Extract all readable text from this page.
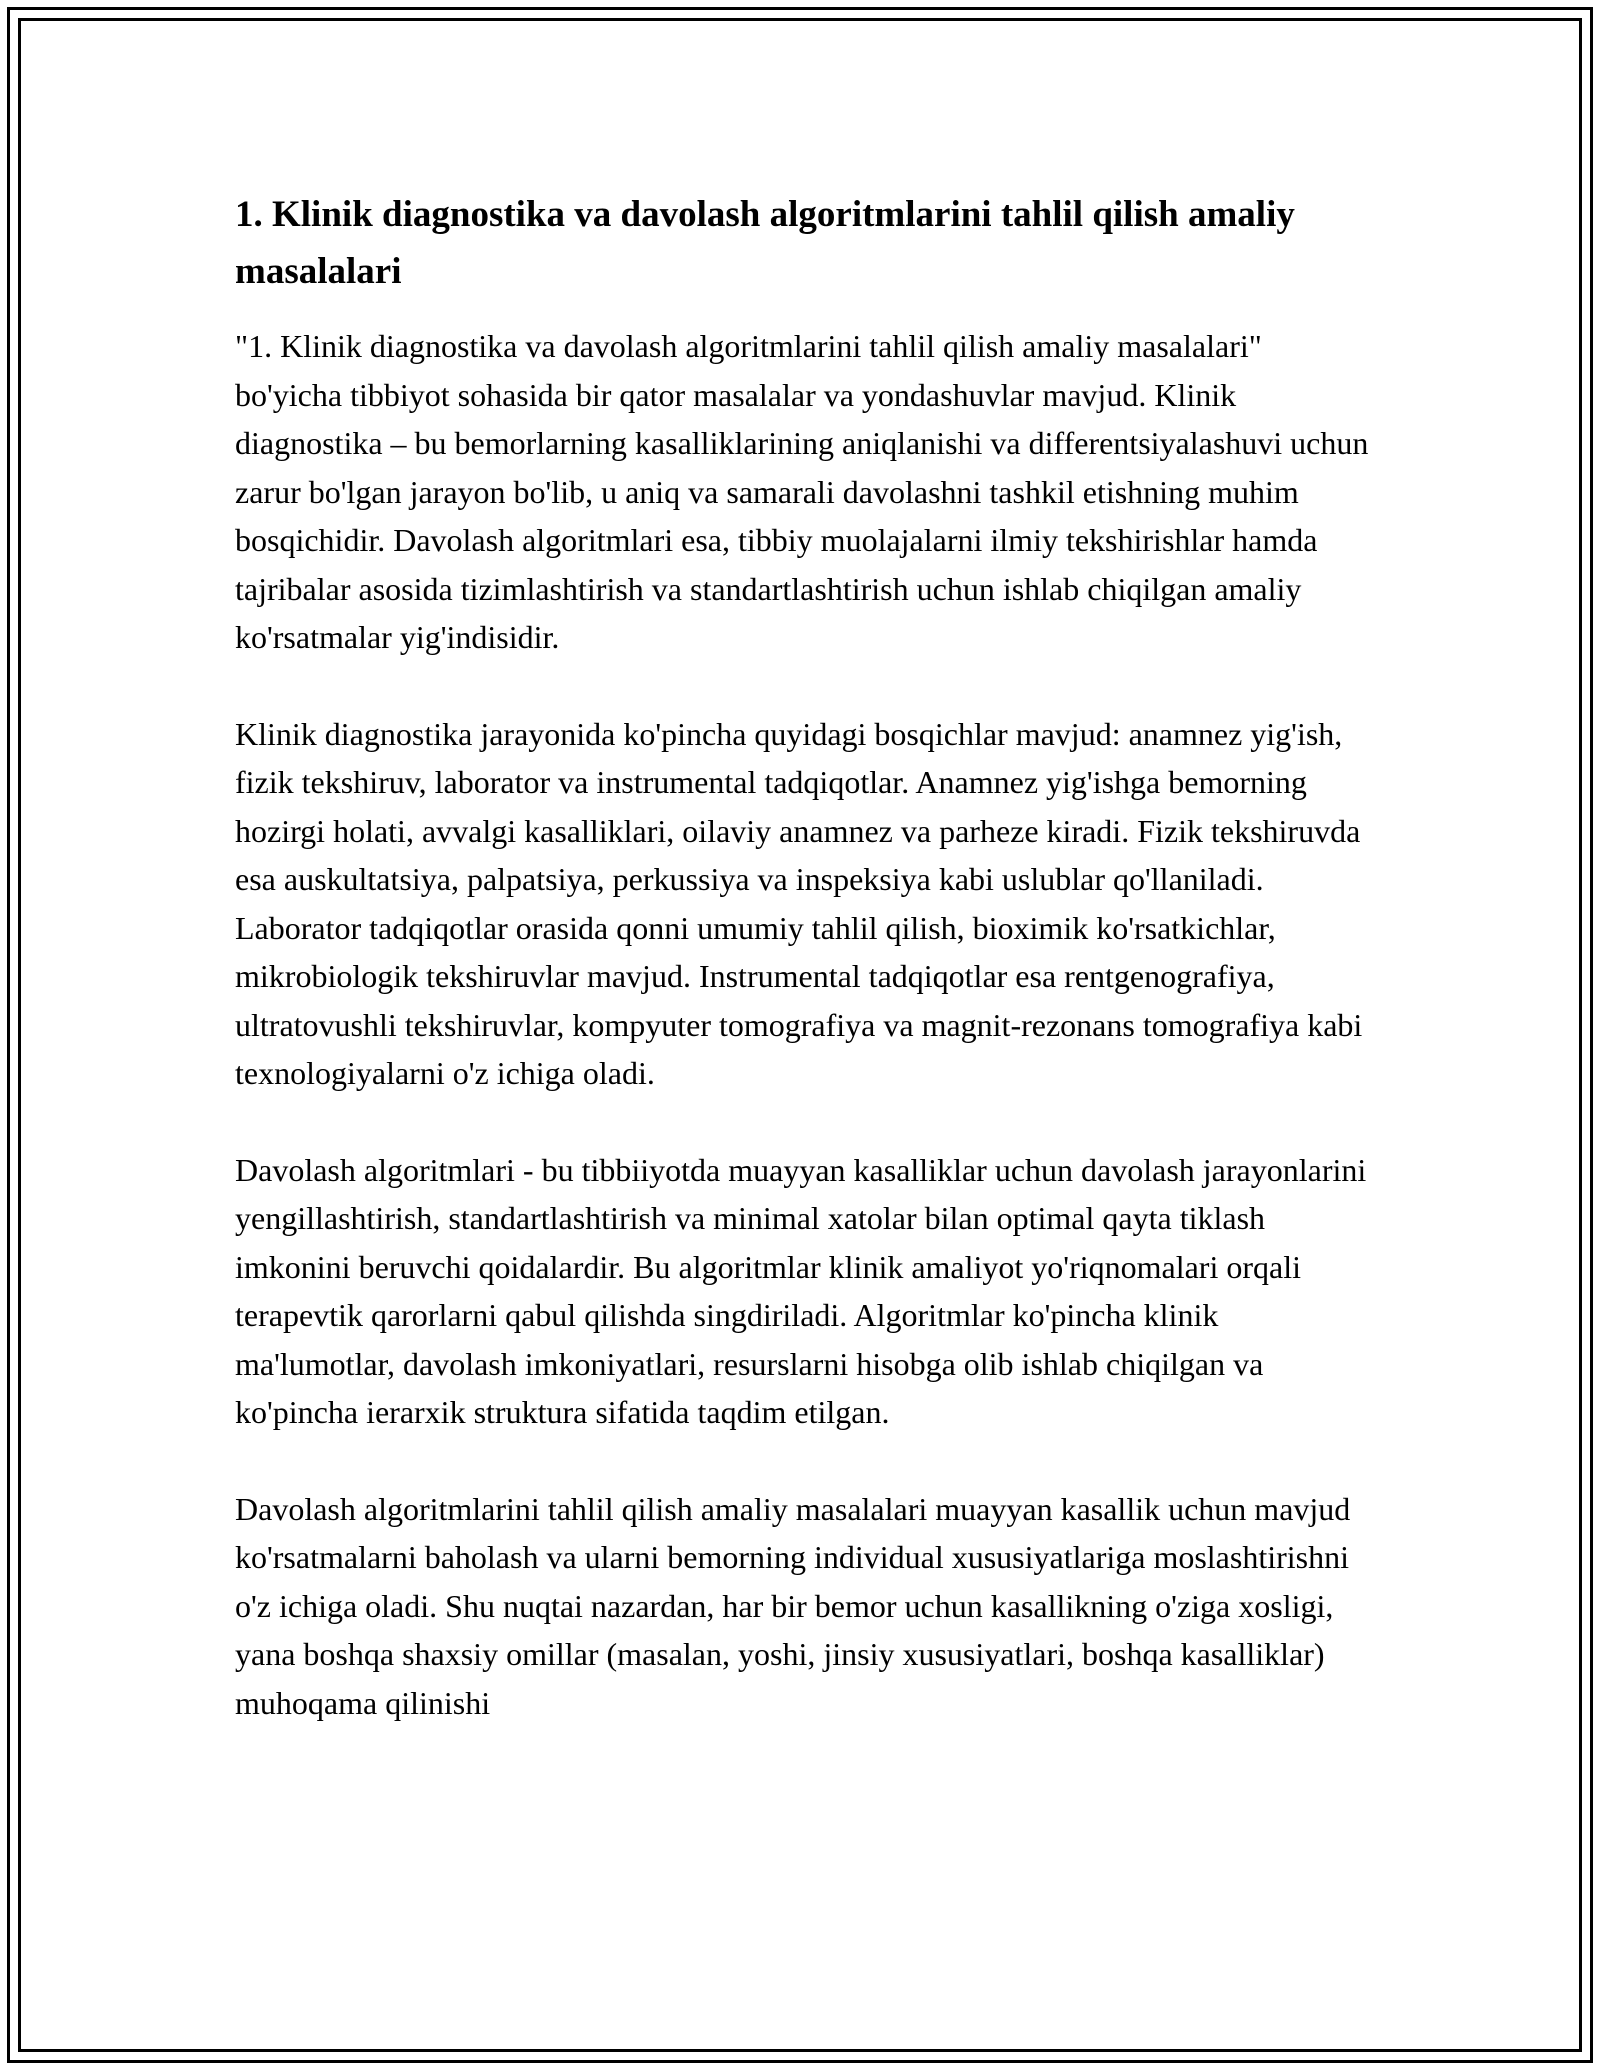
1. Klinik diagnostika va davolash algoritmlarini tahlil qilish amaliy masalalari

"1. Klinik diagnostika va davolash algoritmlarini tahlil qilish amaliy masalalari" bo'yicha tibbiyot sohasida bir qator masalalar va yondashuvlar mavjud. Klinik diagnostika – bu bemorlarning kasalliklarining aniqlanishi va differentsiyalashuvi uchun zarur bo'lgan jarayon bo'lib, u aniq va samarali davolashni tashkil etishning muhim bosqichidir. Davolash algoritmlari esa, tibbiy muolajalarni ilmiy tekshirishlar hamda tajribalar asosida tizimlashtirish va standartlashtirish uchun ishlab chiqilgan amaliy ko'rsatmalar yig'indisidir.

Klinik diagnostika jarayonida ko'pincha quyidagi bosqichlar mavjud: anamnez yig'ish, fizik tekshiruv, laborator va instrumental tadqiqotlar. Anamnez yig'ishga bemorning hozirgi holati, avvalgi kasalliklari, oilaviy anamnez va parheze kiradi. Fizik tekshiruvda esa auskultatsiya, palpatsiya, perkussiya va inspeksiya kabi uslublar qo'llaniladi. Laborator tadqiqotlar orasida qonni umumiy tahlil qilish, bioximik ko'rsatkichlar, mikrobiologik tekshiruvlar mavjud. Instrumental tadqiqotlar esa rentgenografiya, ultratovushli tekshiruvlar, kompyuter tomografiya va magnit-rezonans tomografiya kabi texnologiyalarni o'z ichiga oladi.

Davolash algoritmlari - bu tibbiiyotda muayyan kasalliklar uchun davolash jarayonlarini yengillashtirish, standartlashtirish va minimal xatolar bilan optimal qayta tiklash imkonini beruvchi qoidalardir. Bu algoritmlar klinik amaliyot yo'riqnomalari orqali terapevtik qarorlarni qabul qilishda singdiriladi. Algoritmlar ko'pincha klinik ma'lumotlar, davolash imkoniyatlari, resurslarni hisobga olib ishlab chiqilgan va ko'pincha ierarxik struktura sifatida taqdim etilgan.

Davolash algoritmlarini tahlil qilish amaliy masalalari muayyan kasallik uchun mavjud ko'rsatmalarni baholash va ularni bemorning individual xususiyatlariga moslashtirishni o'z ichiga oladi. Shu nuqtai nazardan, har bir bemor uchun kasallikning o'ziga xosligi, yana boshqa shaxsiy omillar (masalan, yoshi, jinsiy xususiyatlari, boshqa kasalliklar) muhoqama qilinishi
